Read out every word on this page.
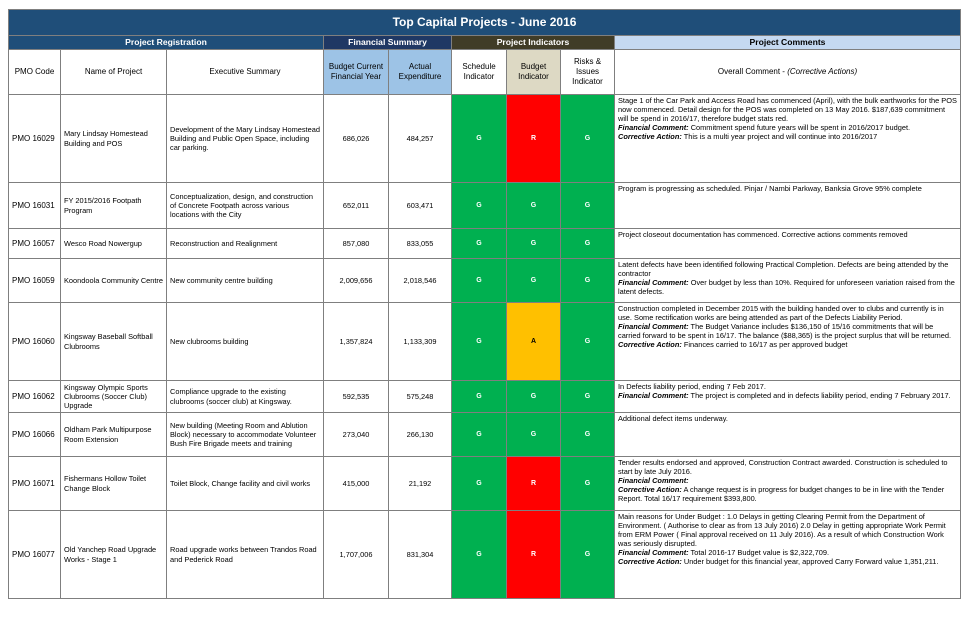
Top Capital Projects - June 2016								
Project Registration			Financial Summary		Project Indicators			Project Comments
PMO Code	Name of Project	Executive Summary	Budget Current Financial Year	Actual Expenditure	Schedule Indicator	Budget Indicator	Risks & Issues Indicator	Overall Comment - (Corrective Actions)
PMO 16029	Mary Lindsay Homestead Building and POS	Development of the Mary Lindsay Homestead Building and Public Open Space, including car parking.	686,026	484,257	G	R	G	Stage 1 of the Car Park and Access Road has commenced (April), with the bulk earthworks for the POS now commenced. Detail design for the POS was completed on 13 May 2016. $187,639 commitment will be spend in 2016/17, therefore budget stats red.
Financial Comment: Commitment spend future years will be spent in 2016/2017 budget.
Corrective Action: This is a multi year project and will continue into 2016/2017

PMO 16031	FY 2015/2016 Footpath Program	Conceptualization, design, and construction of Concrete Footpath across various locations with the City	652,011	603,471	G	G	G	Program is progressing as scheduled. Pinjar / Nambi Parkway, Banksia Grove 95% complete
PMO 16057	Wesco Road Nowergup	Reconstruction and Realignment	857,080	833,055	G	G	G	Project closeout documentation has commenced. Corrective actions comments removed
PMO 16059	Koondoola Community Centre	New community centre building	2,009,656	2,018,546	G	G	G	Latent defects have been identified following Practical Completion. Defects are being attended by the contractor
Financial Comment: Over budget by less than 10%. Required for unforeseen variation raised from the latent defects.

PMO 16060	Kingsway Baseball Softball Clubrooms	New clubrooms building	1,357,824	1,133,309	G	A	G	Construction completed in December 2015 with the building handed over to clubs and currently is in use. Some rectification works are being attended as part of the Defects Liability Period.
Financial Comment: The Budget Variance includes $136,150 of 15/16 commitments that will be carried forward to be spent in 16/17. The balance ($88,365) is the project surplus that will be returned.
Corrective Action: Finances carried to 16/17 as per approved budget

PMO 16062	Kingsway Olympic Sports Clubrooms (Soccer Club) Upgrade	Compliance upgrade to the existing clubrooms (soccer club) at Kingsway.	592,535	575,248	G	G	G	In Defects liability period, ending 7 Feb 2017.
Financial Comment: The project is completed and in defects liability period, ending 7 February 2017.

PMO 16066	Oldham Park Multipurpose Room Extension	New building (Meeting Room and Ablution Block) necessary to accommodate Volunteer Bush Fire Brigade meets and training	273,040	266,130	G	G	G	Additional defect items underway.
PMO 16071	Fishermans Hollow Toilet Change Block	Toilet Block, Change facility and civil works	415,000	21,192	G	R	G	Tender results endorsed and approved, Construction Contract awarded. Construction is scheduled to start by late July 2016.
Financial Comment:
Corrective Action: A change request is in progress for budget changes to be in line with the Tender Report. Total 16/17 requirement $393,800.

PMO 16077	Old Yanchep Road Upgrade Works - Stage 1	Road upgrade works between Trandos Road and Pederick Road	1,707,006	831,304	G	R	G	Main reasons for Under Budget : 1.0 Delays in getting Clearing Permit from the Department of Environment. ( Authorise to clear as from 13 July 2016) 2.0 Delay in getting appropriate Work Permit from ERM Power ( Final approval received on 11 July 2016). As a result of which Construction Work was seriously disrupted.
Financial Comment: Total 2016-17 Budget value is $2,322,709.
Corrective Action: Under budget for this financial year, approved Carry Forward value 1,351,211.
